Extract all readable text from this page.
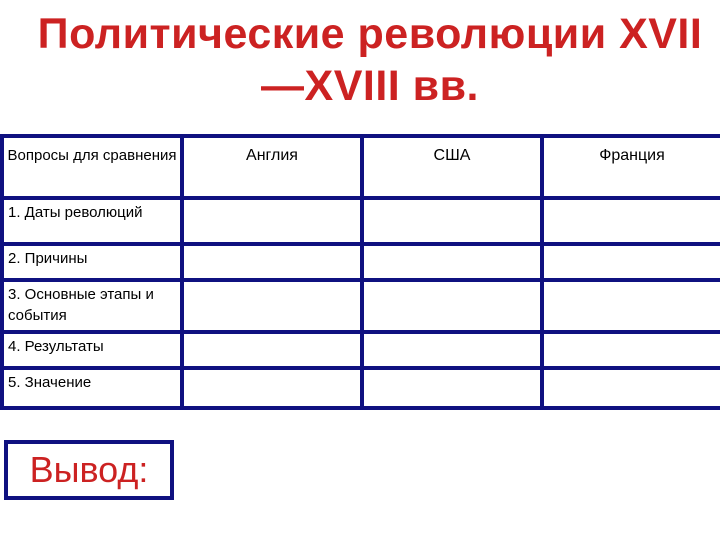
Политические революции XVII
—XVIII вв.
Вопросы для сравнения	Англия	США	Франция
1. Даты революций			
2. Причины			
3. Основные этапы и события			
4. Результаты			
5. Значение			
Вывод:
